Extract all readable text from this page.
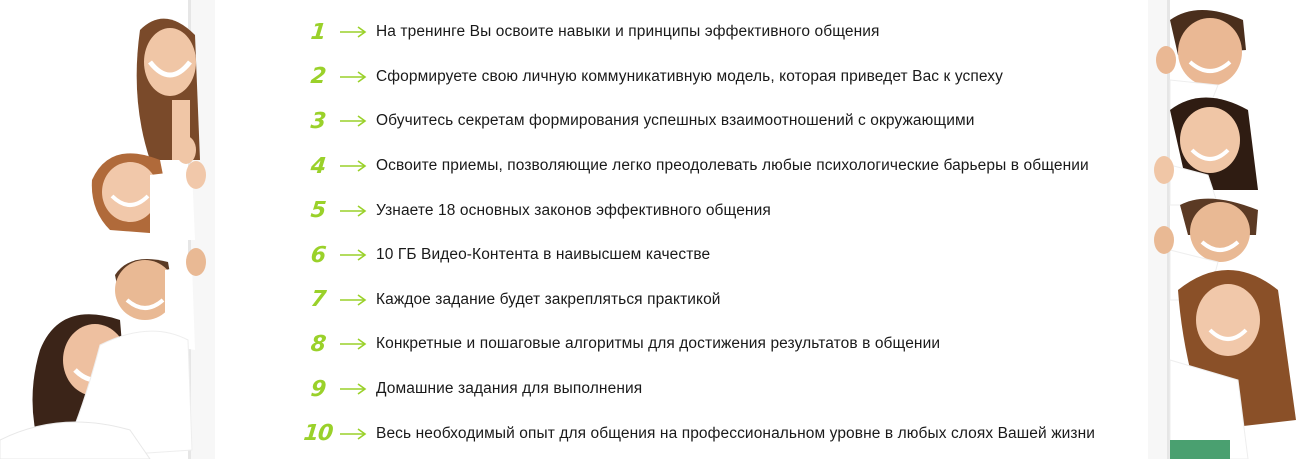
1	На тренинге Вы освоите навыки и принципы эффективного общения
2	Сформируете свою личную коммуникативную модель, которая приведет Вас к успеху
3	Обучитесь секретам формирования успешных взаимоотношений с окружающими
4	Освоите приемы, позволяющие легко преодолевать любые психологические барьеры в общении
5	Узнаете 18 основных законов эффективного общения
6	10 ГБ Видео-Контента в наивысшем качестве
7	Каждое задание будет закрепляться практикой
8	Конкретные и пошаговые алгоритмы для достижения результатов в общении
9	Домашние задания для выполнения
10	Весь необходимый опыт для общения на профессиональном уровне в любых слоях Вашей жизни
